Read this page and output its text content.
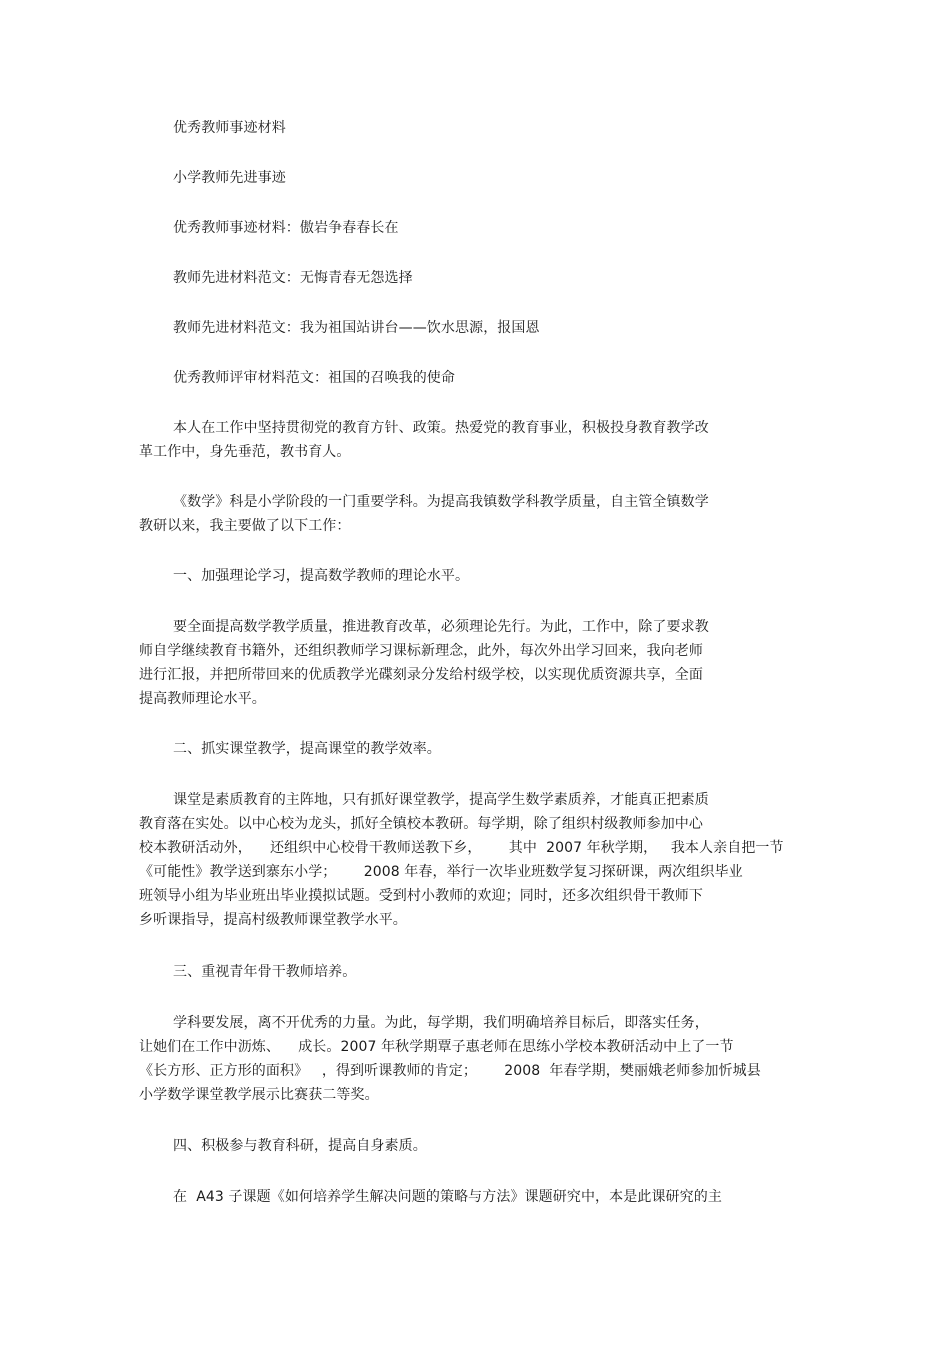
优秀教师事迹材料
小学教师先进事迹
优秀教师事迹材料：傲岩争春春长在
教师先进材料范文：无悔青春无怨选择
教师先进材料范文：我为祖国站讲台——饮水思源，报国恩
优秀教师评审材料范文：祖国的召唤我的使命
本人在工作中坚持贯彻党的教育方针、政策。热爱党的教育事业，积极投身教育教学改
革工作中，身先垂范，教书育人。
《数学》科是小学阶段的一门重要学科。为提高我镇数学科教学质量，自主管全镇数学
教研以来，我主要做了以下工作：
一、加强理论学习，提高数学教师的理论水平。
要全面提高数学教学质量，推进教育改革，必须理论先行。为此，工作中，除了要求教
师自学继续教育书籍外，还组织教师学习课标新理念，此外，每次外出学习回来，我向老师
进行汇报，并把所带回来的优质教学光碟刻录分发给村级学校，以实现优质资源共享，全面
提高教师理论水平。
二、抓实课堂教学，提高课堂的教学效率。
课堂是素质教育的主阵地，只有抓好课堂教学，提高学生数学素质养，才能真正把素质
教育落在实处。以中心校为龙头，抓好全镇校本教研。每学期，除了组织村级教师参加中心
校本教研活动外，    还组织中心校骨干教师送教下乡，      其中  2007 年秋学期，   我本人亲自把一节
《可能性》教学送到寨东小学；      2008 年春，举行一次毕业班数学复习探研课，两次组织毕业
班领导小组为毕业班出毕业摸拟试题。受到村小教师的欢迎；同时，还多次组织骨干教师下
乡听课指导，提高村级教师课堂教学水平。
三、重视青年骨干教师培养。
学科要发展，离不开优秀的力量。为此，每学期，我们明确培养目标后，即落实任务，
让她们在工作中沥炼、    成长。2007 年秋学期覃子惠老师在思练小学校本教研活动中上了一节
《长方形、正方形的面积》   ，得到听课教师的肯定；      2008  年春学期，樊丽娥老师参加忻城县
小学数学课堂教学展示比赛获二等奖。
四、积极参与教育科研，提高自身素质。
在  A43 子课题《如何培养学生解决问题的策略与方法》课题研究中，本是此课研究的主
